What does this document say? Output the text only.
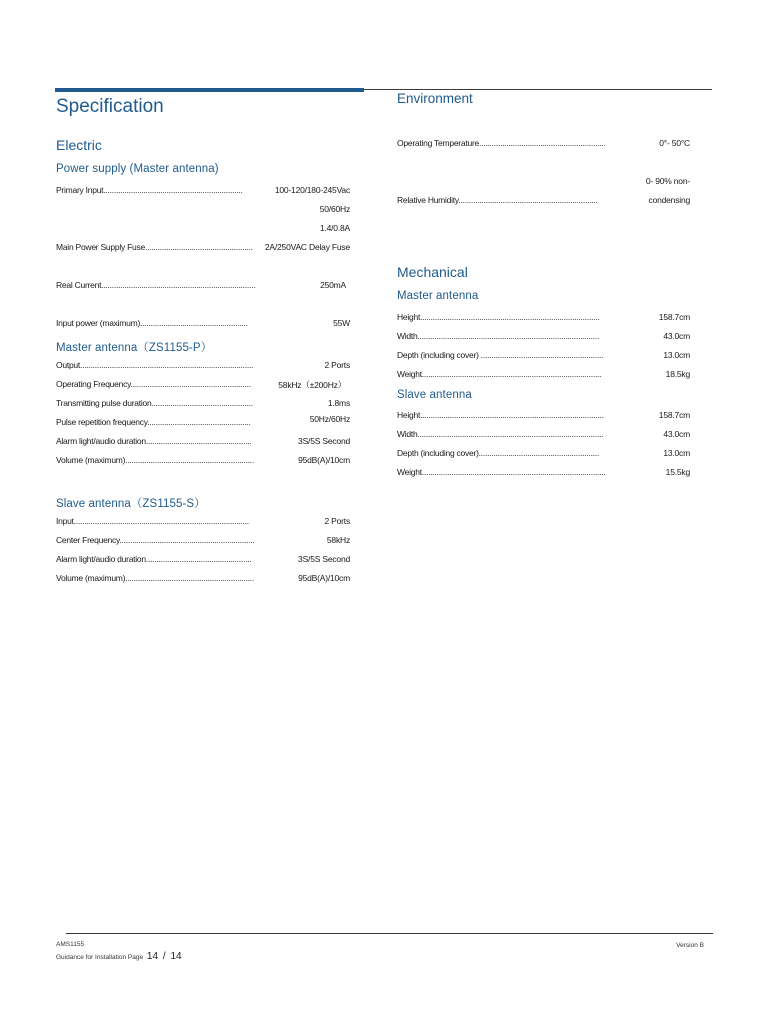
Specification
Electric
Power supply (Master antenna)
Primary Input..................................................................	100-120/180-245Vac
50/60Hz
1.4/0.8A
Main Power Supply Fuse................................................... 2A/250VAC Delay Fuse
Real Current.........................................................................	250mA
Input power (maximum)...................................................	55W
Master antenna（ZS1155-P）
Output..................................................................................	2 Ports
Operating Frequency.........................................................	58kHz（±200Hz）
Transmitting pulse duration................................................	1.8ms
Pulse repetition frequency.................................................	50Hz/60Hz
Alarm light/audio duration..................................................	3S/5S Second
Volume (maximum).............................................................	95dB(A)/10cm
Slave antenna（ZS1155-S）
Input...................................................................................	2 Ports
Center Frequency................................................................	58kHz
Alarm light/audio duration..................................................	3S/5S Second
Volume (maximum).............................................................	95dB(A)/10cm
Environment
Operating Temperature............................................................	0°- 50°C
Relative Humidity..................................................................
0- 90% non-
condensing
Mechanical
Master antenna
Height.....................................................................................	158.7cm
Width......................................................................................	43.0cm
Depth (including cover) ..........................................................	13.0cm
Weight.....................................................................................	18.5kg
Slave antenna
Height.......................................................................................	158.7cm
Width........................................................................................	43.0cm
Depth (including cover).........................................................	13.0cm
Weight.......................................................................................	15.5kg
AMS1155
Guidance for Installation Page 14 / 14
Version B
